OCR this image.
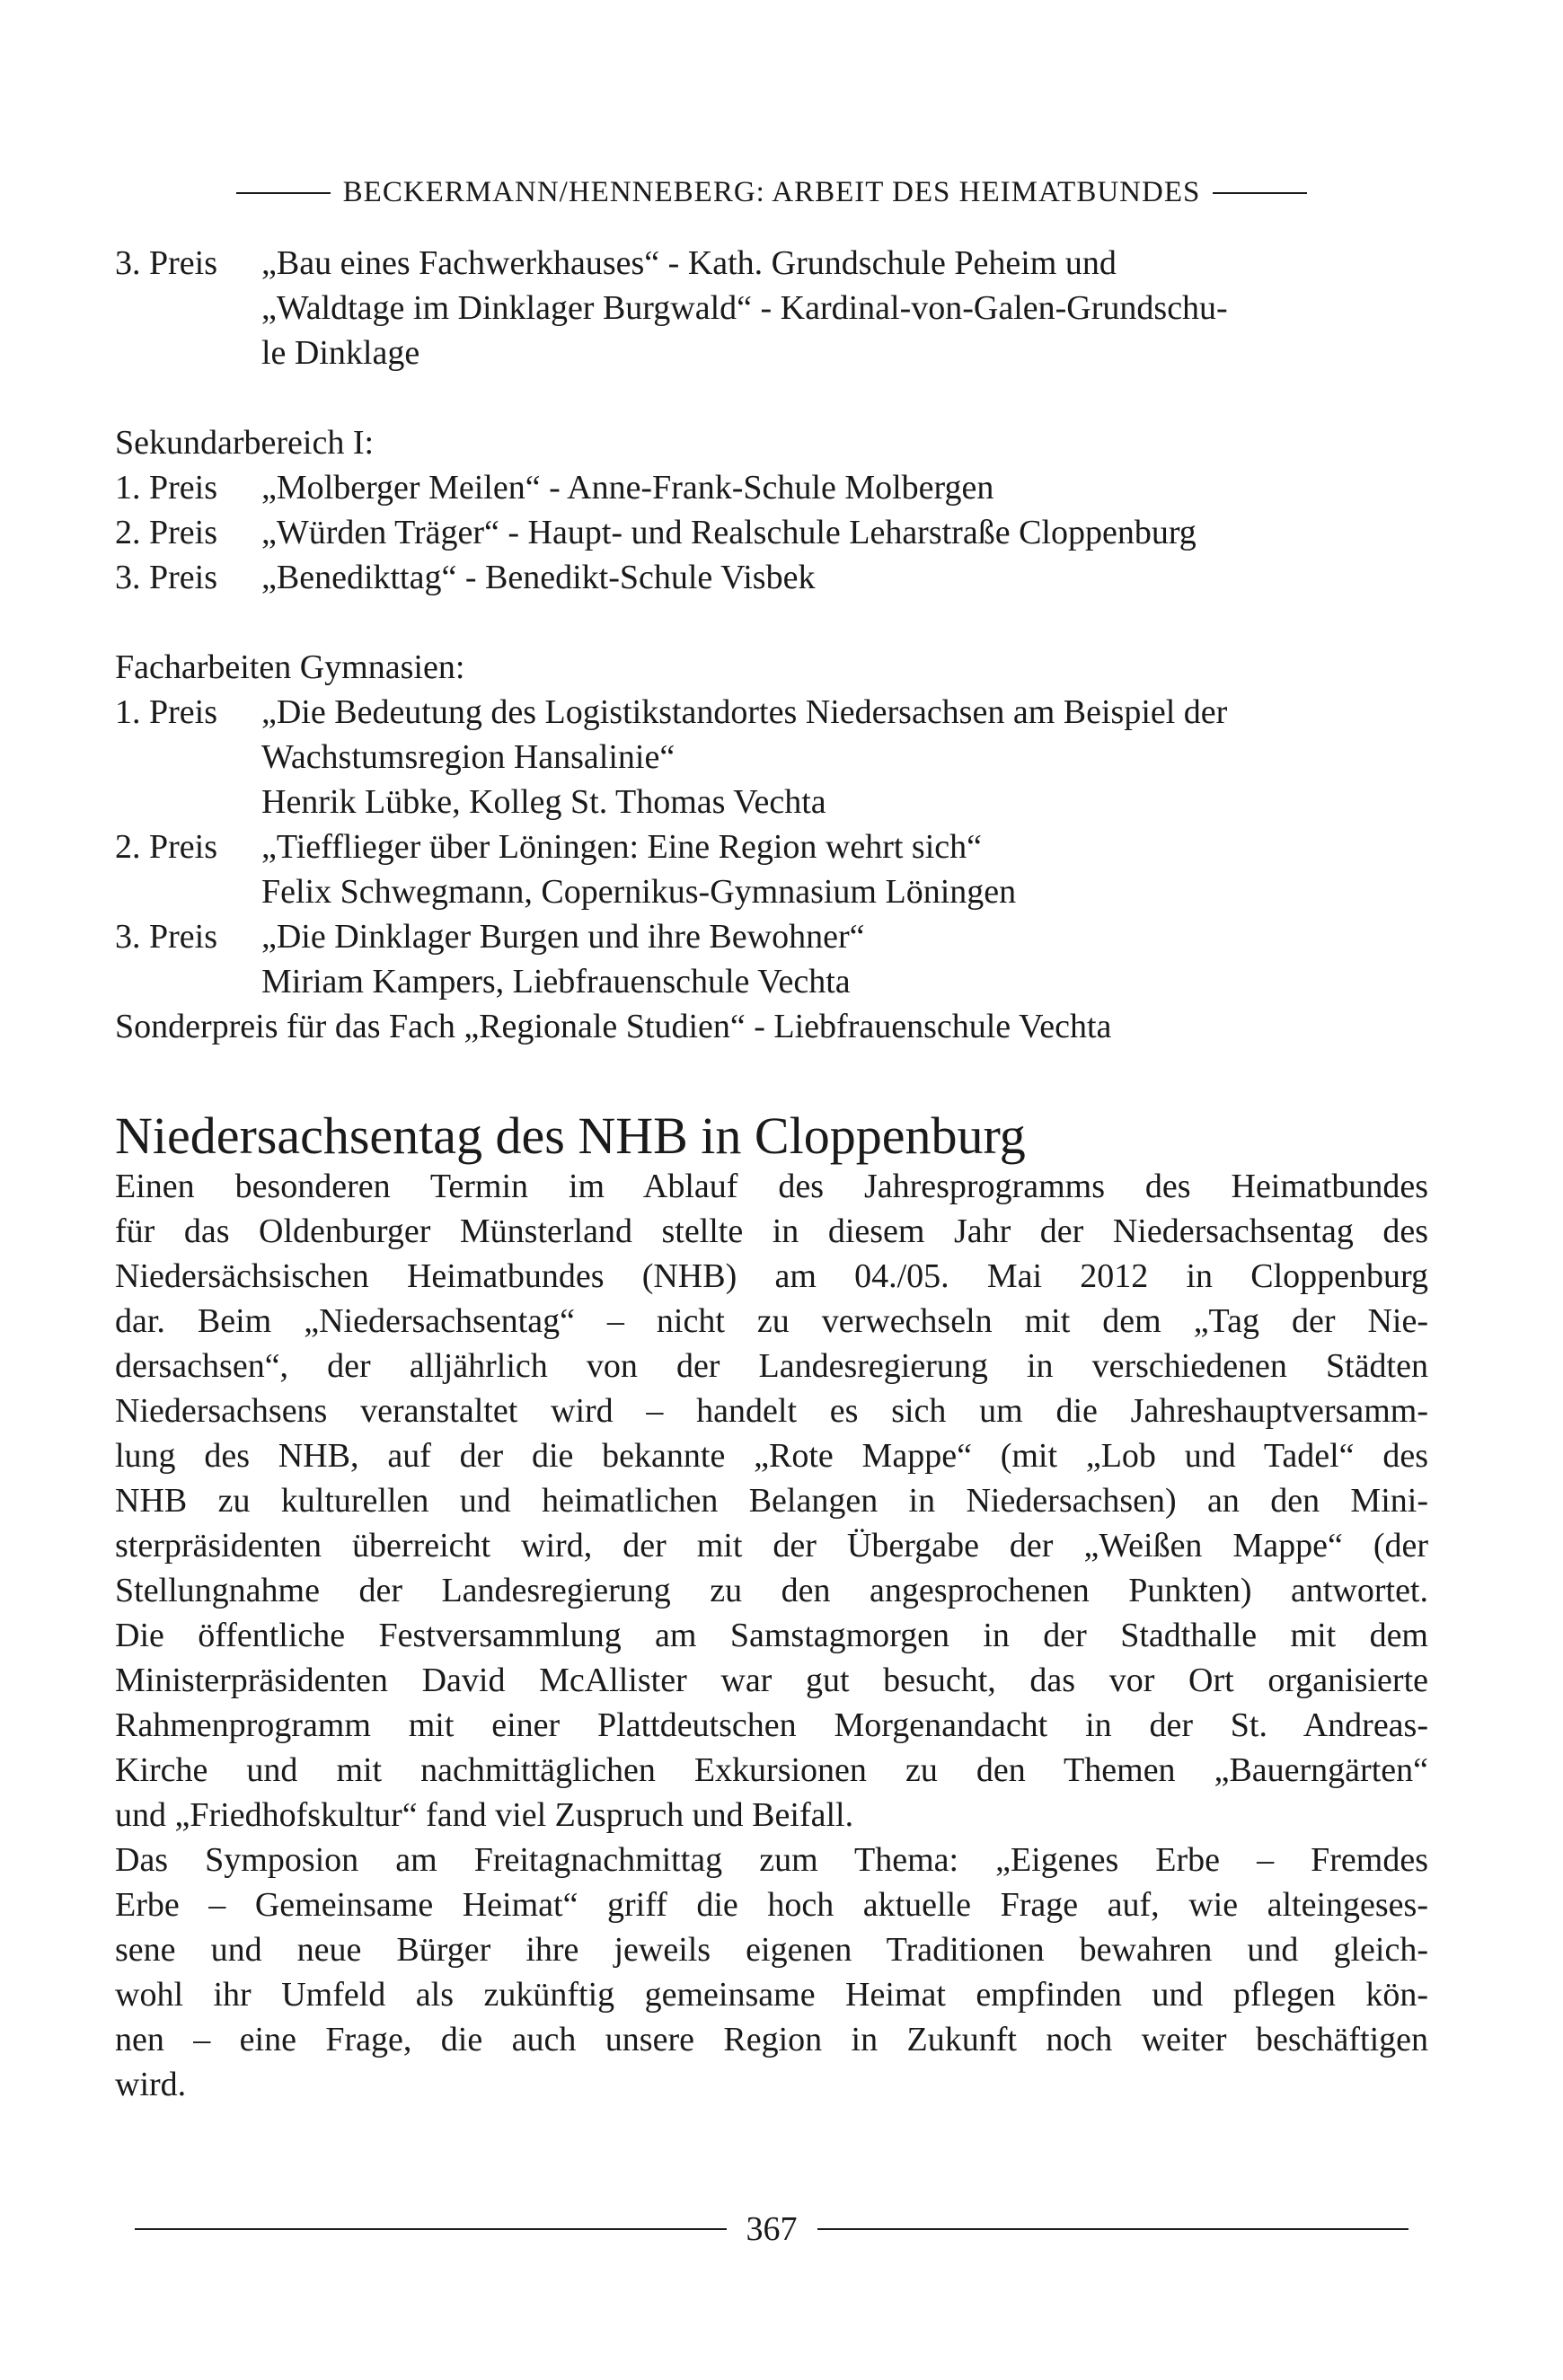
BECKERMANN/HENNEBERG: ARBEIT DES HEIMATBUNDES
3. Preis	„Bau eines Fachwerkhauses“ - Kath. Grundschule Peheim und
„Waldtage im Dinklager Burgwald“ - Kardinal-von-Galen-Grundschu-
le Dinklage
Sekundarbereich I:
1. Preis	„Molberger Meilen“ - Anne-Frank-Schule Molbergen
2. Preis	„Würden Träger“ - Haupt- und Realschule Leharstraße Cloppenburg
3. Preis	„Benedikttag“ - Benedikt-Schule Visbek
Facharbeiten Gymnasien:
1. Preis	„Die Bedeutung des Logistikstandortes Niedersachsen am Beispiel der
Wachstumsregion Hansalinie“
Henrik Lübke, Kolleg St. Thomas Vechta
2. Preis	„Tiefflieger über Löningen: Eine Region wehrt sich“
Felix Schwegmann, Copernikus-Gymnasium Löningen
3. Preis	„Die Dinklager Burgen und ihre Bewohner“
Miriam Kampers, Liebfrauenschule Vechta
Sonderpreis für das Fach „Regionale Studien“ - Liebfrauenschule Vechta
Niedersachsentag des NHB in Cloppenburg
Einen besonderen Termin im Ablauf des Jahresprogramms des Heimatbundes
für das Oldenburger Münsterland stellte in diesem Jahr der Niedersachsentag des
Niedersächsischen Heimatbundes (NHB) am 04./05. Mai 2012 in Cloppenburg
dar. Beim „Niedersachsentag“ – nicht zu verwechseln mit dem „Tag der Nie-
dersachsen“, der alljährlich von der Landesregierung in verschiedenen Städten
Niedersachsens veranstaltet wird – handelt es sich um die Jahreshauptversamm-
lung des NHB, auf der die bekannte „Rote Mappe“ (mit „Lob und Tadel“ des
NHB zu kulturellen und heimatlichen Belangen in Niedersachsen) an den Mini-
sterpräsidenten überreicht wird, der mit der Übergabe der „Weißen Mappe“ (der
Stellungnahme der Landesregierung zu den angesprochenen Punkten) antwortet.
Die öffentliche Festversammlung am Samstagmorgen in der Stadthalle mit dem
Ministerpräsidenten David McAllister war gut besucht, das vor Ort organisierte
Rahmenprogramm mit einer Plattdeutschen Morgenandacht in der St. Andreas-
Kirche und mit nachmittäglichen Exkursionen zu den Themen „Bauerngärten“
und „Friedhofskultur“ fand viel Zuspruch und Beifall.
Das Symposion am Freitagnachmittag zum Thema: „Eigenes Erbe – Fremdes
Erbe – Gemeinsame Heimat“ griff die hoch aktuelle Frage auf, wie alteingeses-
sene und neue Bürger ihre jeweils eigenen Traditionen bewahren und gleich-
wohl ihr Umfeld als zukünftig gemeinsame Heimat empfinden und pflegen kön-
nen – eine Frage, die auch unsere Region in Zukunft noch weiter beschäftigen
wird.
367
